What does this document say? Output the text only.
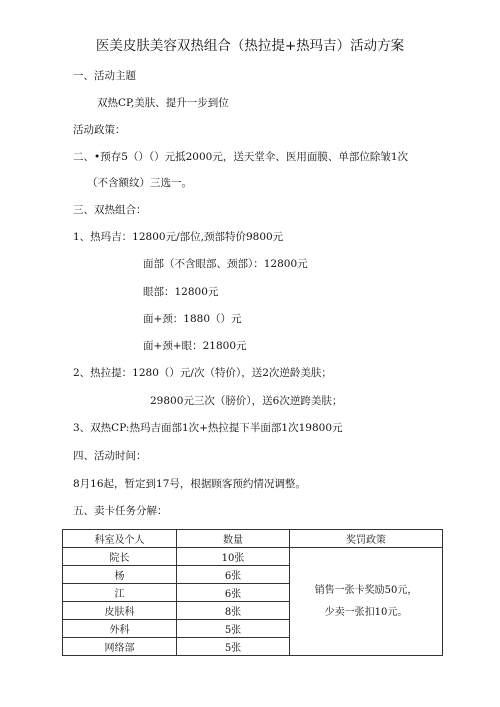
医美皮肤美容双热组合（热拉提+热玛吉）活动方案
一、活动主题
双热CP,美肤、提升一步到位
活动政策：
二、•预存5（）（）元抵2000元，送天堂伞、医用面膜、单部位除皱1次
（不含额纹）三选一。
三、双热组合：
1、热玛吉：12800元/部位,颈部特价9800元
面部（不含眼部、颈部）：12800元
眼部：12800元
面+颈：1880（）元
面+颈+眼：21800元
2、热拉提：1280（）元/次（特价），送2次逆龄美肤；
29800元三次（膀价），送6次逆跨美肤；
3、双热CP:热玛吉面部1次+热拉提下半面部1次19800元
四、活动时间：
8月16起，暂定到17号，根据顾客预约情况调整。
五、卖卡任务分解：
科室及个人	数量	奖罚政策
院长	10张	销售一张卡奖励50元，
少卖一张扣10元。

杨	6张	
江	6张	
皮肤科	8张	
外科	5张	
网络部	5张	
